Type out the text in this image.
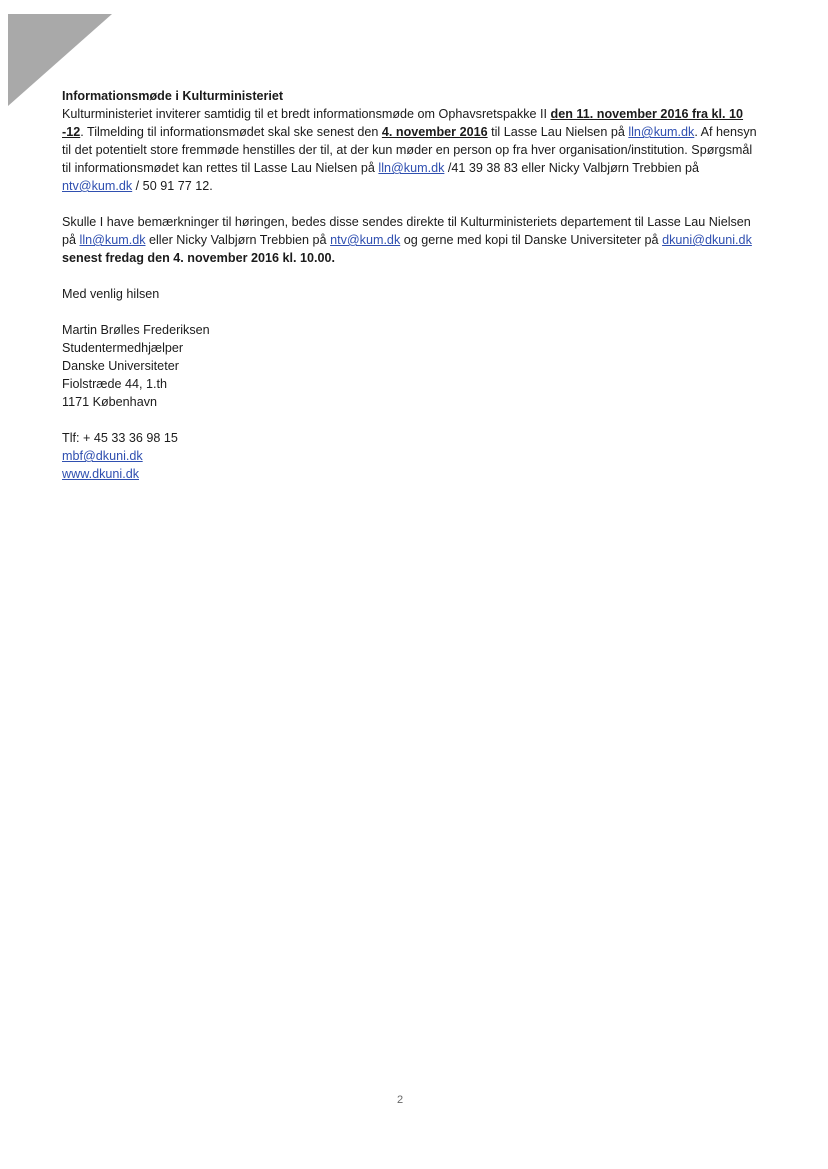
Informationsmøde i Kulturministeriet
Kulturministeriet inviterer samtidig til et bredt informationsmøde om Ophavsretspakke II den 11. november 2016 fra kl. 10 -12. Tilmelding til informationsmødet skal ske senest den 4. november 2016 til Lasse Lau Nielsen på lln@kum.dk. Af hensyn til det potentielt store fremmøde henstilles der til, at der kun møder en person op fra hver organisation/institution. Spørgsmål til informationsmødet kan rettes til Lasse Lau Nielsen på lln@kum.dk /41 39 38 83 eller Nicky Valbjørn Trebbien på ntv@kum.dk / 50 91 77 12.

Skulle I have bemærkninger til høringen, bedes disse sendes direkte til Kulturministeriets departement til Lasse Lau Nielsen på lln@kum.dk eller Nicky Valbjørn Trebbien på ntv@kum.dk og gerne med kopi til Danske Universiteter på dkuni@dkuni.dk senest fredag den 4. november 2016 kl. 10.00.

Med venlig hilsen

Martin Brølles Frederiksen
Studentermedhjælper
Danske Universiteter
Fiolstræde 44, 1.th
1171 København

Tlf: + 45 33 36 98 15
mbf@dkuni.dk
www.dkuni.dk

2
